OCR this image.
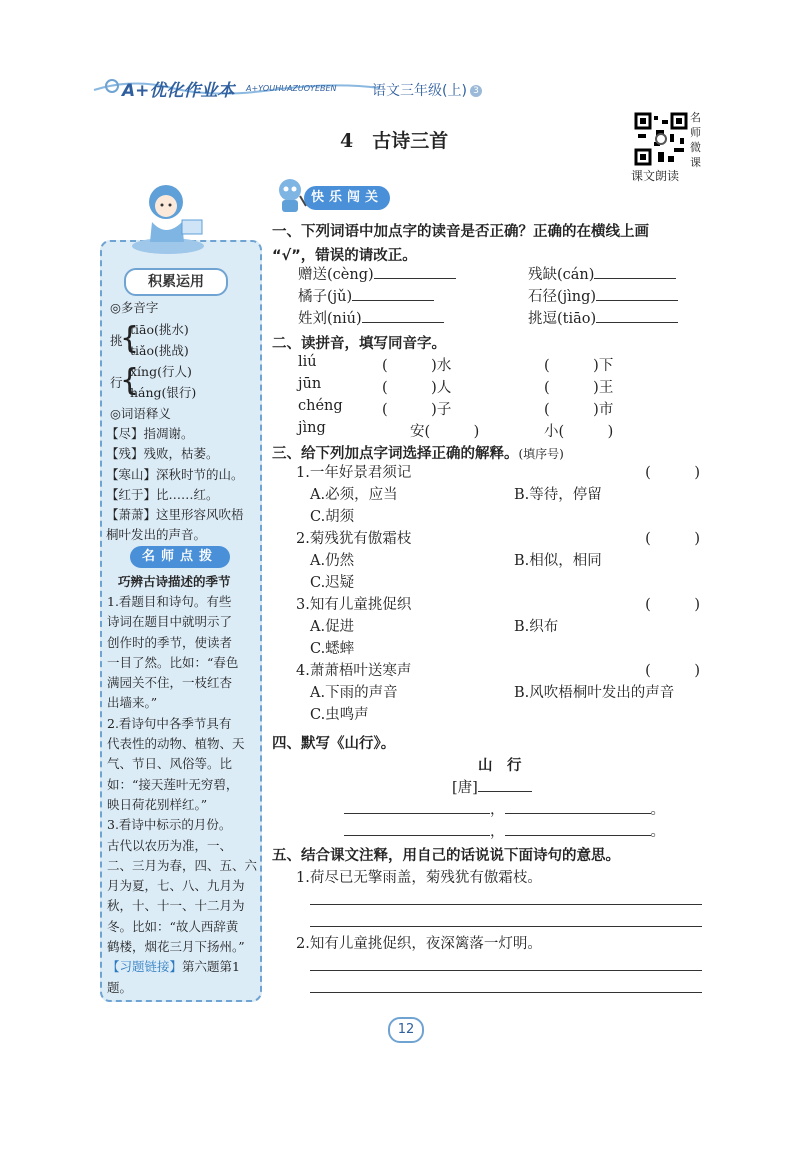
A+优化作业本 A+YOUHUAZUOYEBEN	语文三年级(上) 3
4　古诗三首
名
师
微
课
课文朗读
积累运用
◎多音字
挑
{
tiāo(挑水)
tiǎo(挑战)
行
{
xíng(行人)
háng(银行)
◎词语释义
【尽】指凋谢。
【残】残败，枯萎。
【寒山】深秋时节的山。
【红于】比……红。
【萧萧】这里形容风吹梧
桐叶发出的声音。
名师点拨
巧辨古诗描述的季节
1.看题目和诗句。有些
诗词在题目中就明示了
创作时的季节，使读者
一目了然。比如：“春色
满园关不住，一枝红杏
出墙来。”
2.看诗句中各季节具有
代表性的动物、植物、天
气、节日、风俗等。比
如：“接天莲叶无穷碧，
映日荷花别样红。”
3.看诗中标示的月份。
古代以农历为准，一、
二、三月为春，四、五、六
月为夏，七、八、九月为
秋，十、十一、十二月为
冬。比如：“故人西辞黄
鹤楼，烟花三月下扬州。”
【习题链接】第六题第1题。
快乐闯关
一、下列词语中加点字的读音是否正确？正确的在横线上画
“√”，错误的请改正。
赠送(cèng)	残缺(cán)
橘子(jǔ)	石径(jìng)
姓刘(niú)	挑逗(tiāo)
二、读拼音，填写同音字。
liú	(　　　)水	(　　　)下
jūn	(　　　)人	(　　　)王
chéng	(　　　)子	(　　　)市
jìng	安(　　　)	小(　　　)
三、给下列加点字词选择正确的解释。(填序号)
1.一年好景君须记	(　　　)
A.必须，应当	B.等待，停留
C.胡须
2.菊残犹有傲霜枝	(　　　)
A.仍然	B.相似，相同
C.迟疑
3.知有儿童挑促织	(　　　)
A.促进	B.织布
C.蟋蟀
4.萧萧梧叶送寒声	(　　　)
A.下雨的声音	B.风吹梧桐叶发出的声音
C.虫鸣声
四、默写《山行》。
山　行
[唐]
，	。
，	。
五、结合课文注释，用自己的话说说下面诗句的意思。
1.荷尽已无擎雨盖，菊残犹有傲霜枝。
2.知有儿童挑促织，夜深篱落一灯明。
12
